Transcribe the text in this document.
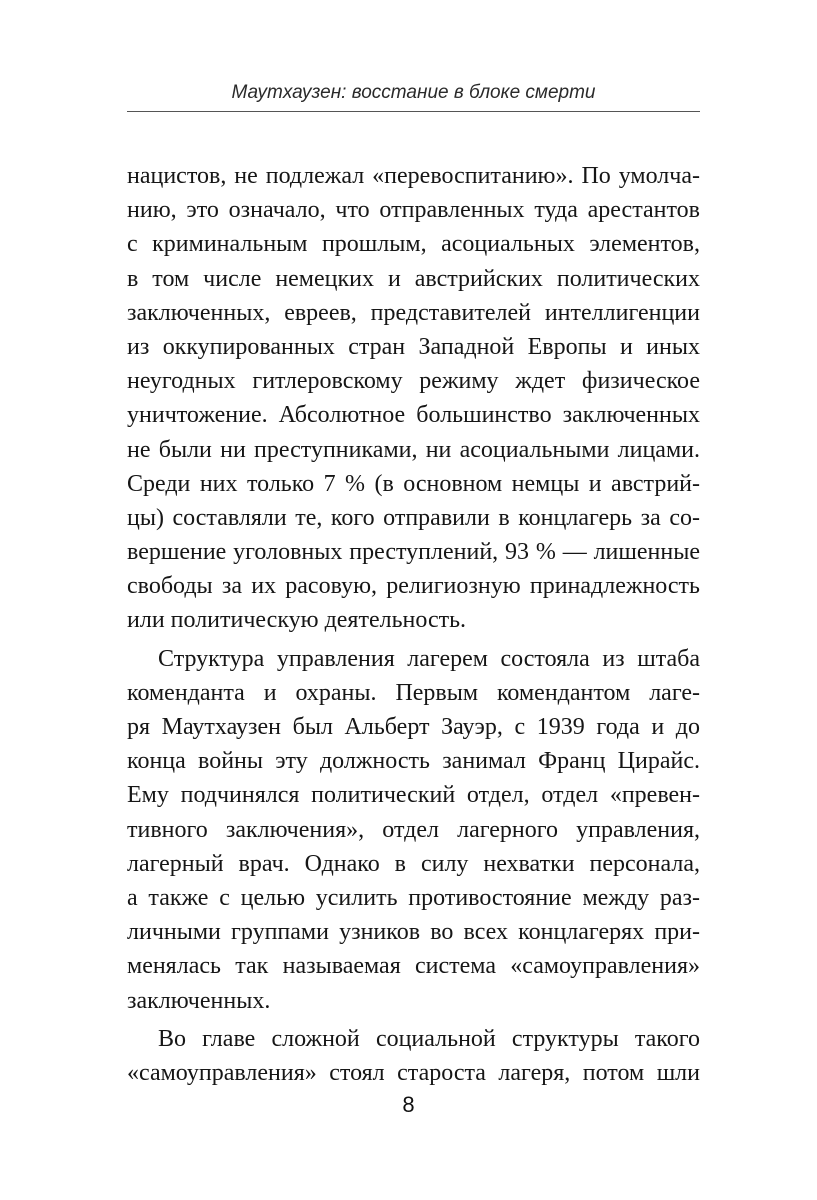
Маутхаузен: восстание в блоке смерти
нацистов, не подлежал «перевоспитанию». По умолча-
нию, это означало, что отправленных туда арестантов
с криминальным прошлым, асоциальных элементов,
в том числе немецких и австрийских политических
заключенных, евреев, представителей интеллигенции
из оккупированных стран Западной Европы и иных
неугодных гитлеровскому режиму ждет физическое
уничтожение. Абсолютное большинство заключенных
не были ни преступниками, ни асоциальными лицами.
Среди них только 7 % (в основном немцы и австрий-
цы) составляли те, кого отправили в концлагерь за со-
вершение уголовных преступлений, 93 % — лишенные
свободы за их расовую, религиозную принадлежность
или политическую деятельность.
Структура управления лагерем состояла из штаба
коменданта и охраны. Первым комендантом лаге-
ря Маутхаузен был Альберт Зауэр, с 1939 года и до
конца войны эту должность занимал Франц Цирайс.
Ему подчинялся политический отдел, отдел «превен-
тивного заключения», отдел лагерного управления,
лагерный врач. Однако в силу нехватки персонала,
а также с целью усилить противостояние между раз-
личными группами узников во всех концлагерях при-
менялась так называемая система «самоуправления»
заключенных.
Во главе сложной социальной структуры такого
«самоуправления» стоял староста лагеря, потом шли
8
